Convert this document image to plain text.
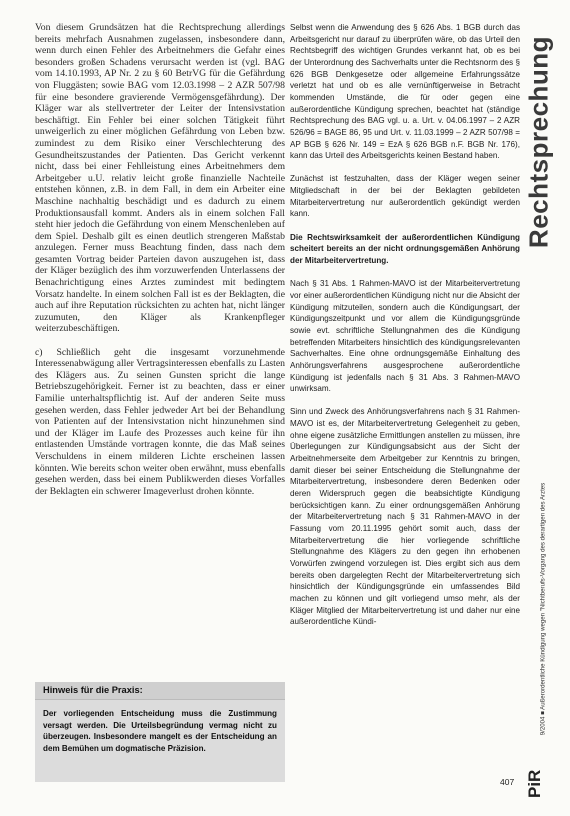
Von diesem Grundsätzen hat die Rechtsprechung allerdings bereits mehrfach Ausnahmen zugelassen, insbesondere dann, wenn durch einen Fehler des Arbeitnehmers die Gefahr eines besonders großen Schadens verursacht werden ist (vgl. BAG vom 14.10.1993, AP Nr. 2 zu § 60 BetrVG für die Gefährdung von Fluggästen; sowie BAG vom 12.03.1998 – 2 AZR 507/98 für eine besondere gravierende Vermögensgefährdung). Der Kläger war als stellvertreter der Leiter der Intensivstation beschäftigt. Ein Fehler bei einer solchen Tätigkeit führt unweigerlich zu einer möglichen Gefährdung von Leben bzw. zumindest zu dem Risiko einer Verschlechterung des Gesundheitszustandes der Patienten. Das Gericht verkennt nicht, dass bei einer Fehlleistung eines Arbeitnehmers dem Arbeitgeber u.U. relativ leicht große finanzielle Nachteile entstehen können, z.B. in dem Fall, in dem ein Arbeiter eine Maschine nachhaltig beschädigt und es dadurch zu einem Produktionsausfall kommt. Anders als in einem solchen Fall steht hier jedoch die Gefährdung von einem Menschenleben auf dem Spiel. Deshalb gilt es einen deutlich strengeren Maßstab anzulegen. Ferner muss Beachtung finden, dass nach dem gesamten Vortrag beider Parteien davon auszugehen ist, dass der Kläger bezüglich des ihm vorzuwerfenden Unterlassens der Benachrichtigung eines Arztes zumindest mit bedingtem Vorsatz handelte. In einem solchen Fall ist es der Beklagten, die auch auf ihre Reputation rücksichten zu achten hat, nicht länger zuzumuten, den Kläger als Krankenpfleger weiterzubeschäftigen.

c) Schließlich geht die insgesamt vorzunehmende Interessenabwägung aller Vertragsinteressen ebenfalls zu Lasten des Klägers aus. Zu seinen Gunsten spricht die lange Betriebszugehörigkeit. Ferner ist zu beachten, dass er einer Familie unterhaltspflichtig ist. Auf der anderen Seite muss gesehen werden, dass Fehler jedweder Art bei der Behandlung von Patienten auf der Intensivstation nicht hinzunehmen sind und der Kläger im Laufe des Prozesses auch keine für ihn entlastenden Umstände vortragen konnte, die das Maß seines Verschuldens in einem milderen Lichte erscheinen lassen könnten. Wie bereits schon weiter oben erwähnt, muss ebenfalls gesehen werden, dass bei einem Publikwerden dieses Vorfalles der Beklagten ein schwerer Imageverlust drohen könnte.

Hinweis für die Praxis:
Der vorliegenden Entscheidung muss die Zustimmung versagt werden. Die Urteilsbegründung vermag nicht zu überzeugen. Insbesondere mangelt es der Entscheidung an dem Bemühen um dogmatische Präzision.

Selbst wenn die Anwendung des § 626 Abs. 1 BGB durch das Arbeitsgericht nur darauf zu überprüfen wäre, ob das Urteil den Rechtsbegriff des wichtigen Grundes verkannt hat, ob es bei der Unterordnung des Sachverhalts unter die Rechtsnorm des § 626 BGB Denkgesetze oder allgemeine Erfahrungssätze verletzt hat und ob es alle vernünftigerweise in Betracht kommenden Umstände, die für oder gegen eine außerordentliche Kündigung sprechen, beachtet hat (ständige Rechtsprechung des BAG vgl. u. a. Urt. v. 04.06.1997 – 2 AZR 526/96 = BAGE 86, 95 und Urt. v. 11.03.1999 – 2 AZR 507/98 = AP BGB § 626 Nr. 149 = EzA § 626 BGB n.F. BGB Nr. 176), kann das Urteil des Arbeitsgerichts keinen Bestand haben.

Zunächst ist festzuhalten, dass der Kläger wegen seiner Mitgliedschaft in der bei der Beklagten gebildeten Mitarbeitervertretung nur außerordentlich gekündigt werden kann.

Die Rechtswirksamkeit der außerordentlichen Kündigung scheitert bereits an der nicht ordnungsgemäßen Anhörung der Mitarbeitervertretung.

Nach § 31 Abs. 1 Rahmen-MAVO ist der Mitarbeitervertretung vor einer außerordentlichen Kündigung nicht nur die Absicht der Kündigung mitzuteilen, sondern auch die Kündigungsart, der Kündigungszeitpunkt und vor allem die Kündigungsgründe sowie evt. schriftliche Stellungnahmen des die Kündigung betreffenden Mitarbeiters hinsichtlich des kündigungsrelevanten Sachverhaltes. Eine ohne ordnungsgemäße Einhaltung des Anhörungsverfahrens ausgesprochene außerordentliche Kündigung ist jedenfalls nach § 31 Abs. 3 Rahmen-MAVO unwirksam.

Sinn und Zweck des Anhörungsverfahrens nach § 31 Rahmen-MAVO ist es, der Mitarbeitervertretung Gelegenheit zu geben, ohne eigene zusätzliche Ermittlungen anstellen zu müssen, ihre Überlegungen zur Kündigungsabsicht aus der Sicht der Arbeitnehmerseite dem Arbeitgeber zur Kenntnis zu bringen, damit dieser bei seiner Entscheidung die Stellungnahme der Mitarbeitervertretung, insbesondere deren Bedenken oder deren Widerspruch gegen die beabsichtigte Kündigung berücksichtigen kann. Zu einer ordnungsgemäßen Anhörung der Mitarbeitervertretung nach § 31 Rahmen-MAVO in der Fassung vom 20.11.1995 gehört somit auch, dass der Mitarbeitervertretung die hier vorliegende schriftliche Stellungnahme des Klägers zu den gegen ihn erhobenen Vorwürfen zwingend vorzulegen ist. Dies ergibt sich aus dem bereits oben dargelegten Recht der Mitarbeitervertretung sich hinsichtlich der Kündigungsgründe ein umfassendes Bild machen zu können und gilt vorliegend umso mehr, als der Kläger Mitglied der Mitarbeitervertretung ist und daher nur eine außerordentliche Kündi-

Rechtsprechung
9/2004 ■ Außerordentliche Kündigung wegen "Nichtberufs-Vorgang des derartigen des Arztes
PiR
407
